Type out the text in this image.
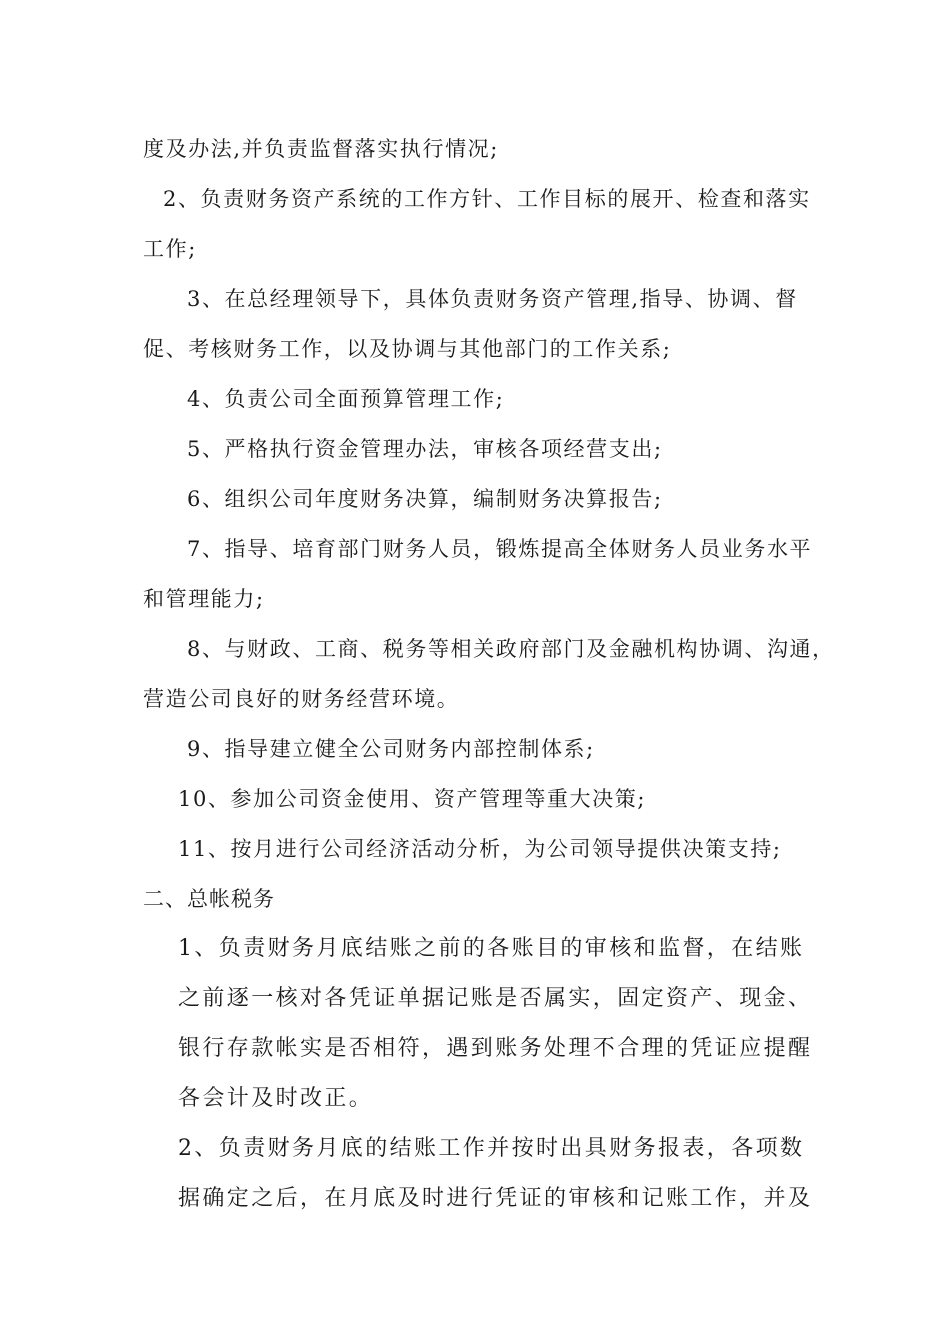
度及办法,并负责监督落实执行情况;
2、负责财务资产系统的工作方针、工作目标的展开、检查和落实
工作;
3、在总经理领导下，具体负责财务资产管理,指导、协调、督
促、考核财务工作，以及协调与其他部门的工作关系;
4、负责公司全面预算管理工作;
5、严格执行资金管理办法，审核各项经营支出;
6、组织公司年度财务决算，编制财务决算报告;
7、指导、培育部门财务人员，锻炼提高全体财务人员业务水平
和管理能力;
8、与财政、工商、税务等相关政府部门及金融机构协调、沟通，
营造公司良好的财务经营环境。
9、指导建立健全公司财务内部控制体系;
10、参加公司资金使用、资产管理等重大决策;
11、按月进行公司经济活动分析，为公司领导提供决策支持;
二、总帐税务
1、负责财务月底结账之前的各账目的审核和监督，在结账
之前逐一核对各凭证单据记账是否属实，固定资产、现金、
银行存款帐实是否相符，遇到账务处理不合理的凭证应提醒
各会计及时改正。
2、负责财务月底的结账工作并按时出具财务报表，各项数
据确定之后，在月底及时进行凭证的审核和记账工作，并及
